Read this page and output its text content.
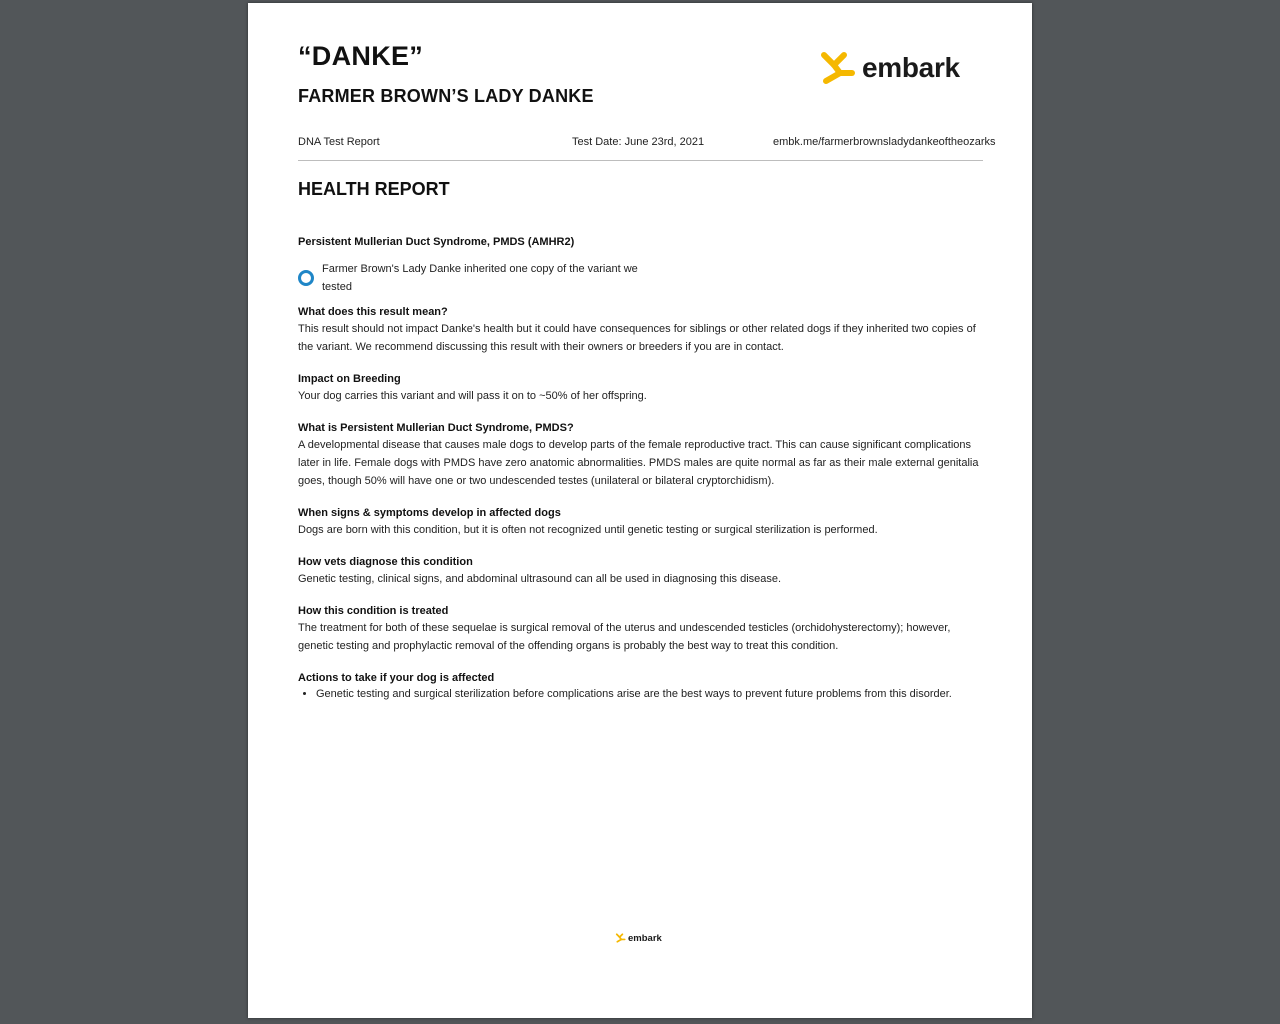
“DANKE”
FARMER BROWN’S LADY DANKE
embark
DNA Test Report	Test Date: June 23rd, 2021	embk.me/farmerbrownsladydankeoftheozarks
HEALTH REPORT
Persistent Mullerian Duct Syndrome, PMDS (AMHR2)
Farmer Brown's Lady Danke inherited one copy of the variant we tested
What does this result mean?

This result should not impact Danke's health but it could have consequences for siblings or other related dogs if they inherited two copies of the variant. We recommend discussing this result with their owners or breeders if you are in contact.

Impact on Breeding

Your dog carries this variant and will pass it on to ~50% of her offspring.

What is Persistent Mullerian Duct Syndrome, PMDS?

A developmental disease that causes male dogs to develop parts of the female reproductive tract. This can cause significant complications later in life. Female dogs with PMDS have zero anatomic abnormalities. PMDS males are quite normal as far as their male external genitalia goes, though 50% will have one or two undescended testes (unilateral or bilateral cryptorchidism).

When signs & symptoms develop in affected dogs

Dogs are born with this condition, but it is often not recognized until genetic testing or surgical sterilization is performed.

How vets diagnose this condition

Genetic testing, clinical signs, and abdominal ultrasound can all be used in diagnosing this disease.

How this condition is treated

The treatment for both of these sequelae is surgical removal of the uterus and undescended testicles (orchidohysterectomy); however, genetic testing and prophylactic removal of the offending organs is probably the best way to treat this condition.

Actions to take if your dog is affected
• Genetic testing and surgical sterilization before complications arise are the best ways to prevent future problems from this disorder.
embark
